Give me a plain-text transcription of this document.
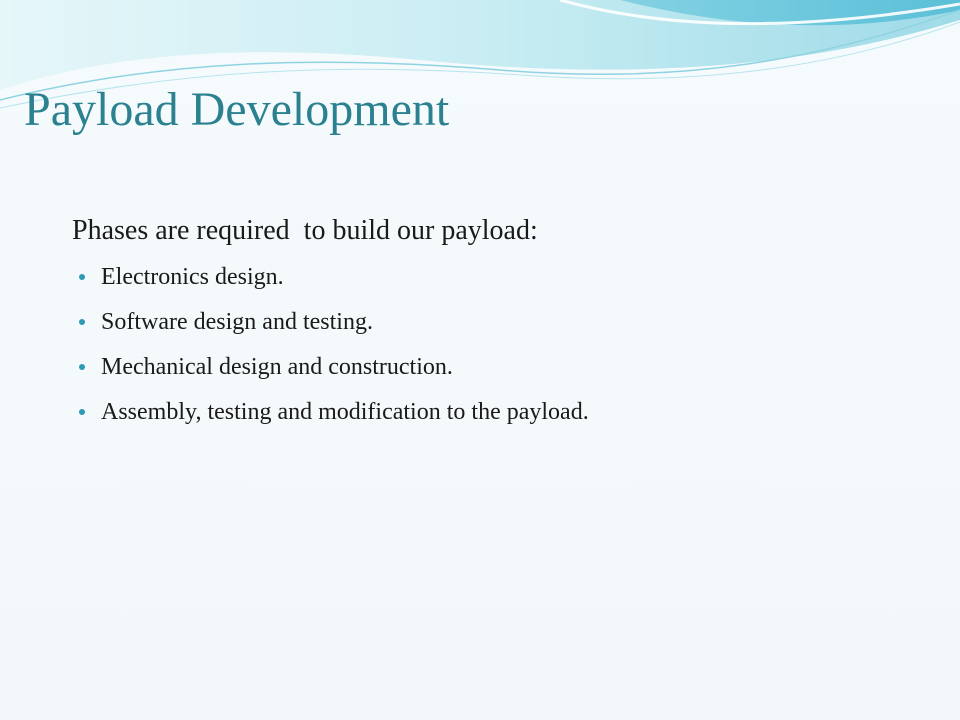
Payload Development

Phases are required  to build our payload:

Electronics design.
Software design and testing.
Mechanical design and construction.
Assembly, testing and modification to the payload.
